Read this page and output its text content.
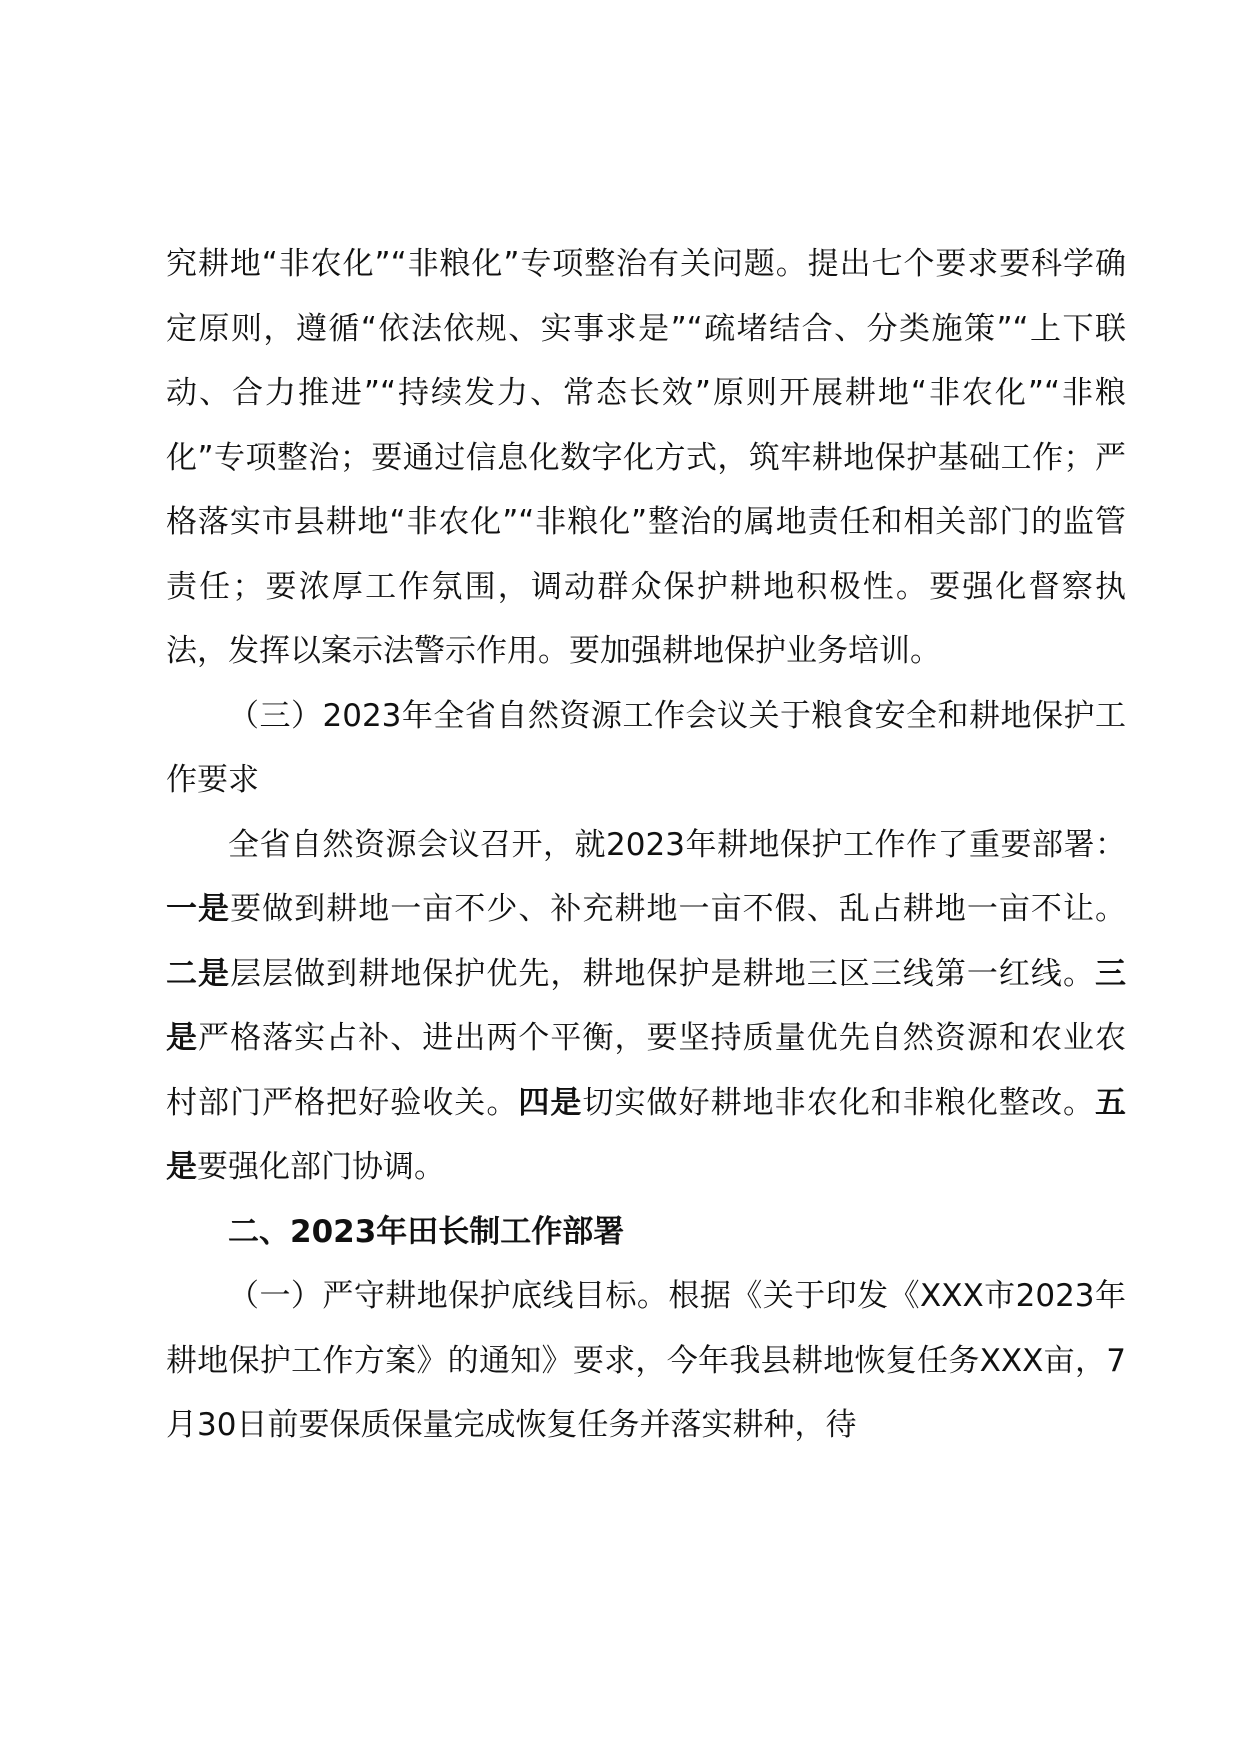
究耕地“非农化”“非粮化”专项整治有关问题。提出七个要求要科学确定原则，遵循“依法依规、实事求是”“疏堵结合、分类施策”“上下联动、合力推进”“持续发力、常态长效”原则开展耕地“非农化”“非粮化”专项整治；要通过信息化数字化方式，筑牢耕地保护基础工作；严格落实市县耕地“非农化”“非粮化”整治的属地责任和相关部门的监管责任；要浓厚工作氛围，调动群众保护耕地积极性。要强化督察执法，发挥以案示法警示作用。要加强耕地保护业务培训。

（三）2023年全省自然资源工作会议关于粮食安全和耕地保护工作要求

全省自然资源会议召开，就2023年耕地保护工作作了重要部署：一是要做到耕地一亩不少、补充耕地一亩不假、乱占耕地一亩不让。二是层层做到耕地保护优先，耕地保护是耕地三区三线第一红线。三是严格落实占补、进出两个平衡，要坚持质量优先自然资源和农业农村部门严格把好验收关。四是切实做好耕地非农化和非粮化整改。五是要强化部门协调。

二、2023年田长制工作部署

（一）严守耕地保护底线目标。根据《关于印发《XXX市2023年耕地保护工作方案》的通知》要求，今年我县耕地恢复任务XXX亩，7月30日前要保质保量完成恢复任务并落实耕种，待
